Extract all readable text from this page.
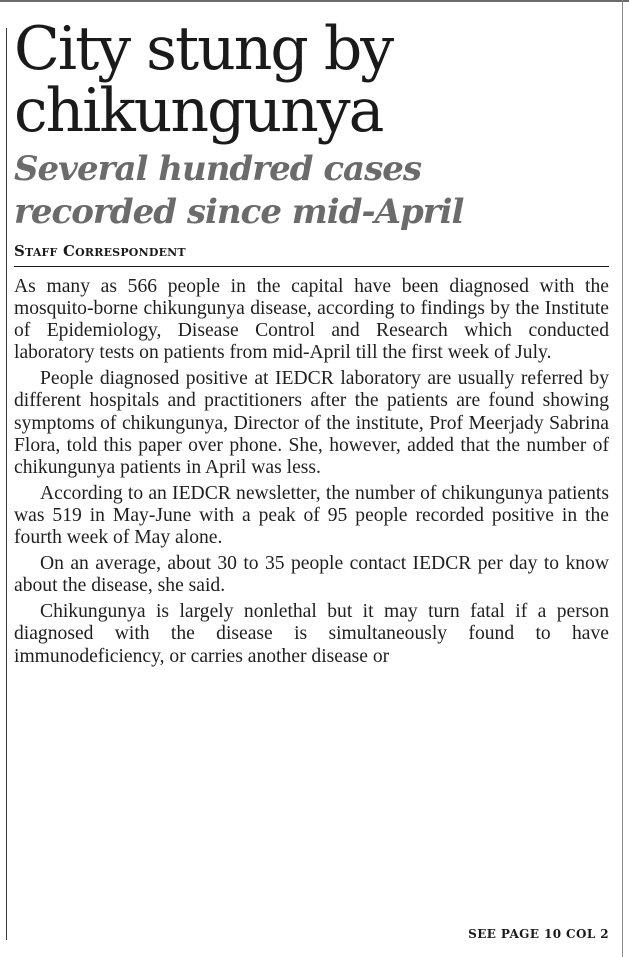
City stung by chikungunya
Several hundred cases recorded since mid-April
Staff Correspondent

As many as 566 people in the capital have been diagnosed with the mosquito-borne chikungunya disease, according to findings by the Institute of Epidemiology, Disease Control and Research which conducted laboratory tests on patients from mid-April till the first week of July.

People diagnosed positive at IEDCR laboratory are usually referred by different hospitals and practitioners after the patients are found showing symptoms of chikungunya, Director of the institute, Prof Meerjady Sabrina Flora, told this paper over phone. She, however, added that the number of chikungunya patients in April was less.

According to an IEDCR newsletter, the number of chikungunya patients was 519 in May-June with a peak of 95 people recorded positive in the fourth week of May alone.

On an average, about 30 to 35 people contact IEDCR per day to know about the disease, she said.

Chikungunya is largely nonlethal but it may turn fatal if a person diagnosed with the disease is simultaneously found to have immunodeficiency, or carries another disease or

SEE PAGE 10 COL 2
